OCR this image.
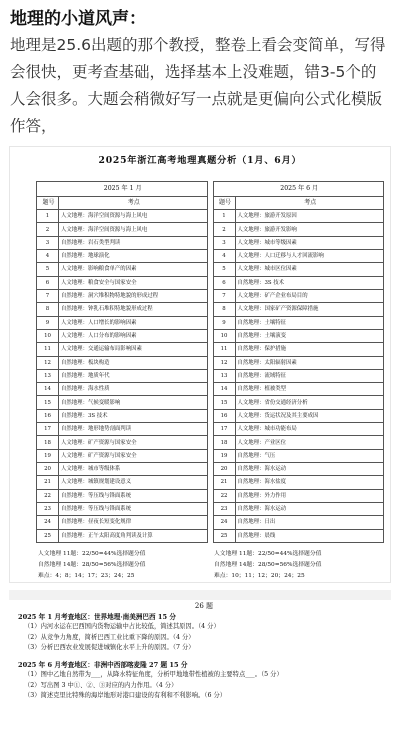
地理的小道风声：
地理是25.6出题的那个教授，整卷上看会变简单，写得会很快，更考查基础，选择基本上没难题，错3-5个的人会很多。大题会稍微好写一点就是更偏向公式化模版作答，
2025年浙江高考地理真题分析（1月、6月）
2025 年 1 月	
题号	考点
1	人文地理：海洋空间资源与海上风电
2	人文地理：海洋空间资源与海上风电
3	自然地理：岩石类型判读
4	自然地理：地球演化
5	人文地理：影响粮食单产的因素
6	人文地理：粮食安全与国家安全
7	自然地理：洞穴堆积物特地貌的形成过程
8	自然地理：钟乳石堆积特地貌形成过程
9	人文地理：人口增长的影响因素
10	人文地理：人口分布的影响因素
11	人文地理：交通运输布局影响因素
12	自然地理：板块构造
13	自然地理：地质年代
14	自然地理：海水性质
15	自然地理：气候变暖影响
16	自然地理：3S 技术
17	自然地理：地形地势剖面判读
18	人文地理：矿产资源与国家安全
19	人文地理：矿产资源与国家安全
20	人文地理：城市等级体系
21	人文地理：城镇规划建设意义
22	自然地理：等压线与锋面系统
23	自然地理：等压线与锋面系统
24	自然地理：昼夜长短变化规律
25	自然地理：正午太阳高度角判读及计算
2025 年 6 月	
题号	考点
1	人文地理：旅游开发原因
2	人文地理：旅游开发影响
3	人文地理：城市等级因素
4	人文地理：人口迁移与人才回流影响
5	人文地理：城市区位因素
6	自然地理：3S 技术
7	人文地理：矿产企业布局目的
8	人文地理：国家矿产资源保障措施
9	自然地理：土壤特征
10	自然地理：土壤演变
11	自然地理：保护措施
12	自然地理：太阳辐射因素
13	自然地理：流域特征
14	自然地理：植被类型
15	人文地理：省份交通经济分析
16	人文地理：货运状况及其主要成因
17	人文地理：城市功能布局
18	人文地理：产业区位
19	自然地理：气压
20	自然地理：海水运动
21	自然地理：海水盐度
22	自然地理：外力作用
23	自然地理：海水运动
24	自然地理：日出
25	自然地理：晨线
人文地理 11题：22/50=44%选择题分值
自然地理 14题：28/50=56%选择题分值
难点：4；8；14；17；23；24；25
人文地理 11题：22/50=44%选择题分值
自然地理 14题：28/50=56%选择题分值
难点：10；11；12；20；24；25
26 题
2025 年 1 月考查地区：世界地理·南美洲巴西 15 分
（1）内河水运在巴西国内货物运输中占比较低，简述其原因。（4 分）
（2）从竞争力角度，简析巴西工业比重下降的原因。（4 分）
（3）分析巴西农业发展促进城镇化水平上升的原因。（7 分）
2025 年 6 月考查地区：非洲中西部喀麦隆 27 题 15 分
（1）图中乙地自然带为___，从降水特征角度，分析甲地地带性植被的主要特点___。（5 分）
（2）写出图 3 中①、②、③对应的内力作用。（4 分）
（3）简述克里比特殊的海岸地形对港口建设的有利和不利影响。（6 分）
